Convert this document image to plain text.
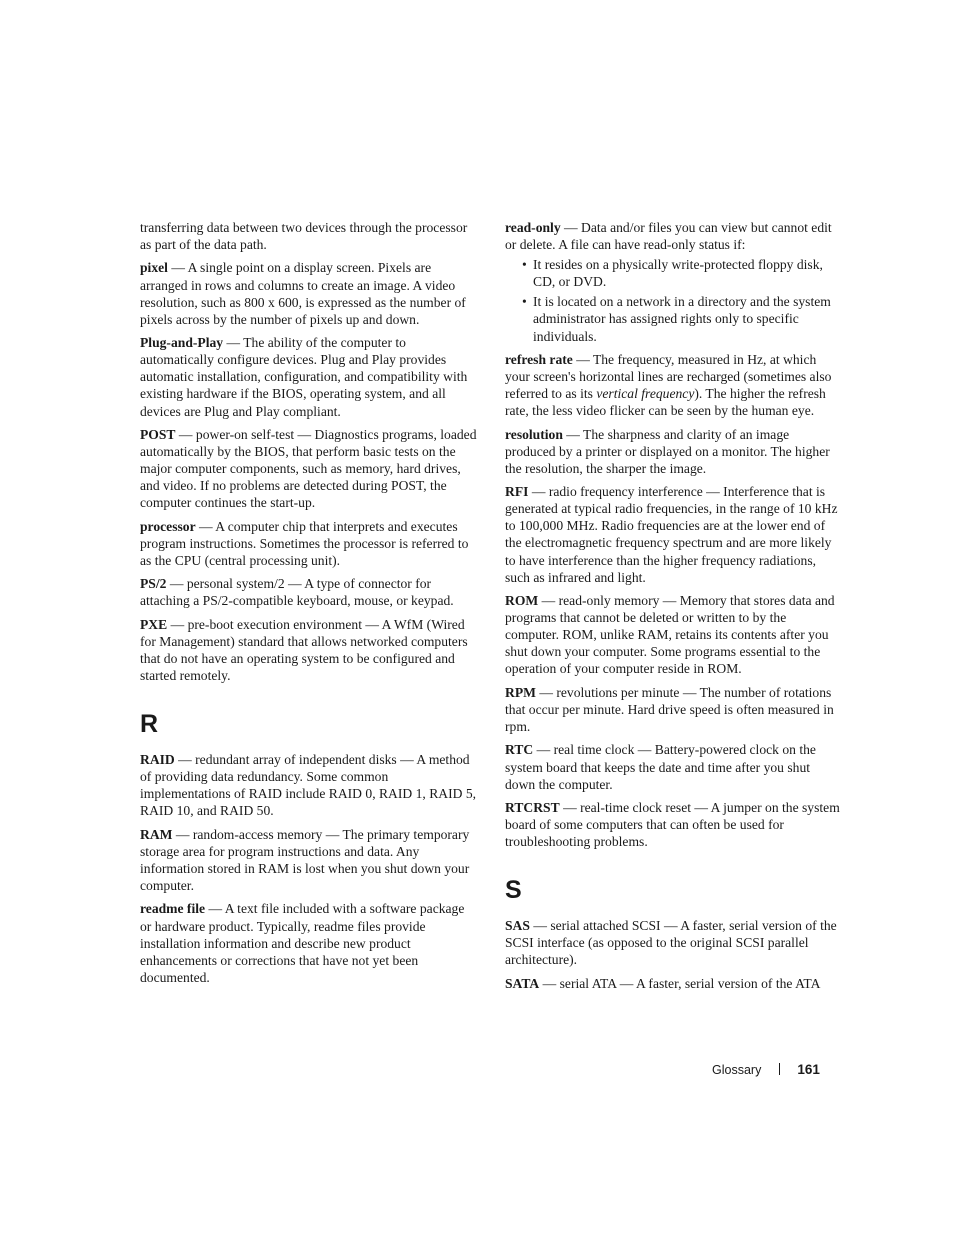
transferring data between two devices through the processor as part of the data path.

pixel — A single point on a display screen. Pixels are arranged in rows and columns to create an image. A video resolution, such as 800 x 600, is expressed as the number of pixels across by the number of pixels up and down.

Plug-and-Play — The ability of the computer to automatically configure devices. Plug and Play provides automatic installation, configuration, and compatibility with existing hardware if the BIOS, operating system, and all devices are Plug and Play compliant.

POST — power-on self-test — Diagnostics programs, loaded automatically by the BIOS, that perform basic tests on the major computer components, such as memory, hard drives, and video. If no problems are detected during POST, the computer continues the start-up.

processor — A computer chip that interprets and executes program instructions. Sometimes the processor is referred to as the CPU (central processing unit).

PS/2 — personal system/2 — A type of connector for attaching a PS/2-compatible keyboard, mouse, or keypad.

PXE — pre-boot execution environment — A WfM (Wired for Management) standard that allows networked computers that do not have an operating system to be configured and started remotely.

R

RAID — redundant array of independent disks — A method of providing data redundancy. Some common implementations of RAID include RAID 0, RAID 1, RAID 5, RAID 10, and RAID 50.

RAM — random-access memory — The primary temporary storage area for program instructions and data. Any information stored in RAM is lost when you shut down your computer.

readme file — A text file included with a software package or hardware product. Typically, readme files provide installation information and describe new product enhancements or corrections that have not yet been documented.

read-only — Data and/or files you can view but cannot edit or delete. A file can have read-only status if:

• It resides on a physically write-protected floppy disk, CD, or DVD.
• It is located on a network in a directory and the system administrator has assigned rights only to specific individuals.

refresh rate — The frequency, measured in Hz, at which your screen's horizontal lines are recharged (sometimes also referred to as its vertical frequency). The higher the refresh rate, the less video flicker can be seen by the human eye.

resolution — The sharpness and clarity of an image produced by a printer or displayed on a monitor. The higher the resolution, the sharper the image.

RFI — radio frequency interference — Interference that is generated at typical radio frequencies, in the range of 10 kHz to 100,000 MHz. Radio frequencies are at the lower end of the electromagnetic frequency spectrum and are more likely to have interference than the higher frequency radiations, such as infrared and light.

ROM — read-only memory — Memory that stores data and programs that cannot be deleted or written to by the computer. ROM, unlike RAM, retains its contents after you shut down your computer. Some programs essential to the operation of your computer reside in ROM.

RPM — revolutions per minute — The number of rotations that occur per minute. Hard drive speed is often measured in rpm.

RTC — real time clock — Battery-powered clock on the system board that keeps the date and time after you shut down the computer.

RTCRST — real-time clock reset — A jumper on the system board of some computers that can often be used for troubleshooting problems.

S

SAS — serial attached SCSI — A faster, serial version of the SCSI interface (as opposed to the original SCSI parallel architecture).

SATA — serial ATA — A faster, serial version of the ATA

Glossary	161
